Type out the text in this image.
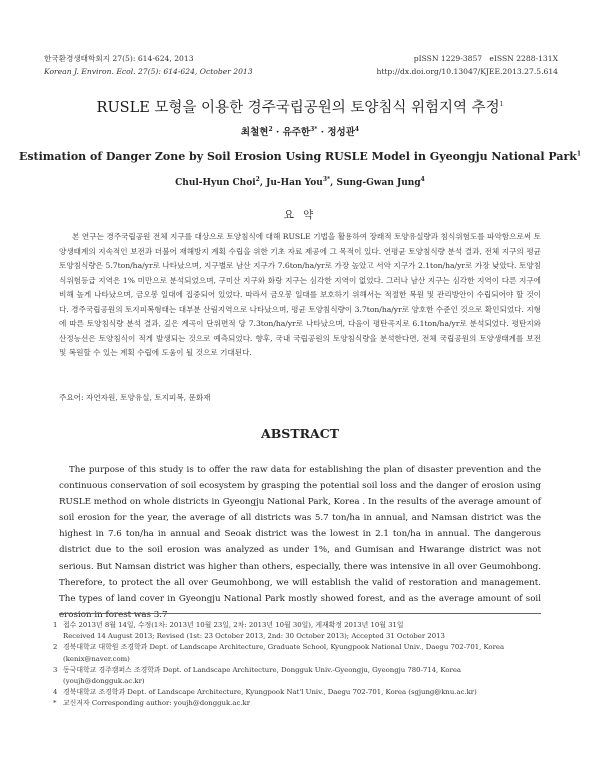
한국환경생태학회지 27(5): 614-624, 2013
Korean J. Environ. Ecol. 27(5): 614-624, October 2013
pISSN 1229-3857   eISSN 2288-131X
http://dx.doi.org/10.13047/KJEE.2013.27.5.614
RUSLE 모형을 이용한 경주국립공원의 토양침식 위험지역 추정$^1$
최철현$^2$ · 유주한$^{3*}$ · 정성관$^4$
Estimation of Danger Zone by Soil Erosion Using RUSLE Model in Gyeongju National Park$^1$
Chul-Hyun Choi$^2$, Ju-Han You$^{3*}$, Sung-Gwan Jung$^4$
요 약
본 연구는 경주국립공원 전체 지구를 대상으로 토양침식에 대해 RUSLE 기법을 활용하여 장래적 토양유실량과 침식위험도를 파악함으로써 토양생태계의 지속적인 보전과 더불어 재해방지 계획 수립을 위한 기초 자료 제공에 그 목적이 있다. 연평균 토양침식량 분석 결과, 전체 지구의 평균 토양침식량은 5.7ton/ha/yr로 나타났으며, 지구별로 남산 지구가 7.6ton/ha/yr로 가장 높았고 서악 지구가 2.1ton/ha/yr로 가장 낮았다. 토양침식위험등급 지역은 1% 미만으로 분석되었으며, 구미산 지구와 화랑 지구는 심각한 지역이 없었다. 그러나 남산 지구는 심각한 지역이 다른 지구에 비해 높게 나타났으며, 금오봉 일대에 집중되어 있었다. 따라서 금오봉 일대를 보호하기 위해서는 적절한 복원 및 관리방안이 수립되어야 할 것이다. 경주국립공원의 토지피복형태는 대부분 산림지역으로 나타났으며, 평균 토양침식량이 3.7ton/ha/yr로 양호한 수준인 것으로 확인되었다. 지형에 따른 토양침식량 분석 결과, 깊은 계곡이 단위면적 당 7.3ton/ha/yr로 나타났으며, 다음이 평탄곡지로 6.1ton/ha/yr로 분석되었다. 평탄지와 산정능선은 토양침식이 적게 발생되는 것으로 예측되었다. 향후, 국내 국립공원의 토양침식량을 분석한다면, 전체 국립공원의 토양생태계를 보전 및 복원할 수 있는 계획 수립에 도움이 될 것으로 기대된다.
주요어: 자연자원, 토양유실, 토지피복, 문화재
ABSTRACT
The purpose of this study is to offer the raw data for establishing the plan of disaster prevention and the continuous conservation of soil ecosystem by grasping the potential soil loss and the danger of erosion using RUSLE method on whole districts in Gyeongju National Park, Korea . In the results of the average amount of soil erosion for the year, the average of all districts was 5.7 ton/ha in annual, and Namsan district was the highest in 7.6 ton/ha in annual and Seoak district was the lowest in 2.1 ton/ha in annual. The dangerous district due to the soil erosion was analyzed as under 1%, and Gumisan and Hwarange district was not serious. But Namsan district was higher than others, especially, there was intensive in all over Geumohbong. Therefore, to protect the all over Geumohbong, we will establish the valid of restoration and management. The types of land cover in Gyeongju National Park mostly showed forest, and as the average amount of soil erosion in forest was 3.7
1 접수 2013년 8월 14일, 수정(1차: 2013년 10월 23일, 2차: 2013년 10월 30일), 게재확정 2013년 10월 31일
Received 14 August 2013; Revised (1st: 23 October 2013, 2nd: 30 October 2013); Accepted 31 October 2013
2 경북대학교 대학원 조경학과 Dept. of Landscape Architecture, Graduate School, Kyungpook National Univ., Daegu 702-701, Korea (kenix@naver.com)
3 동국대학교 경주캠퍼스 조경학과 Dept. of Landscape Architecture, Dongguk Univ.-Gyeongju, Gyeongju 780-714, Korea (youjh@dongguk.ac.kr)
4 경북대학교 조경학과 Dept. of Landscape Architecture, Kyungpook Nat'l Univ., Daegu 702-701, Korea (sgjung@knu.ac.kr)
* 교신저자 Corresponding author: youjh@dongguk.ac.kr
